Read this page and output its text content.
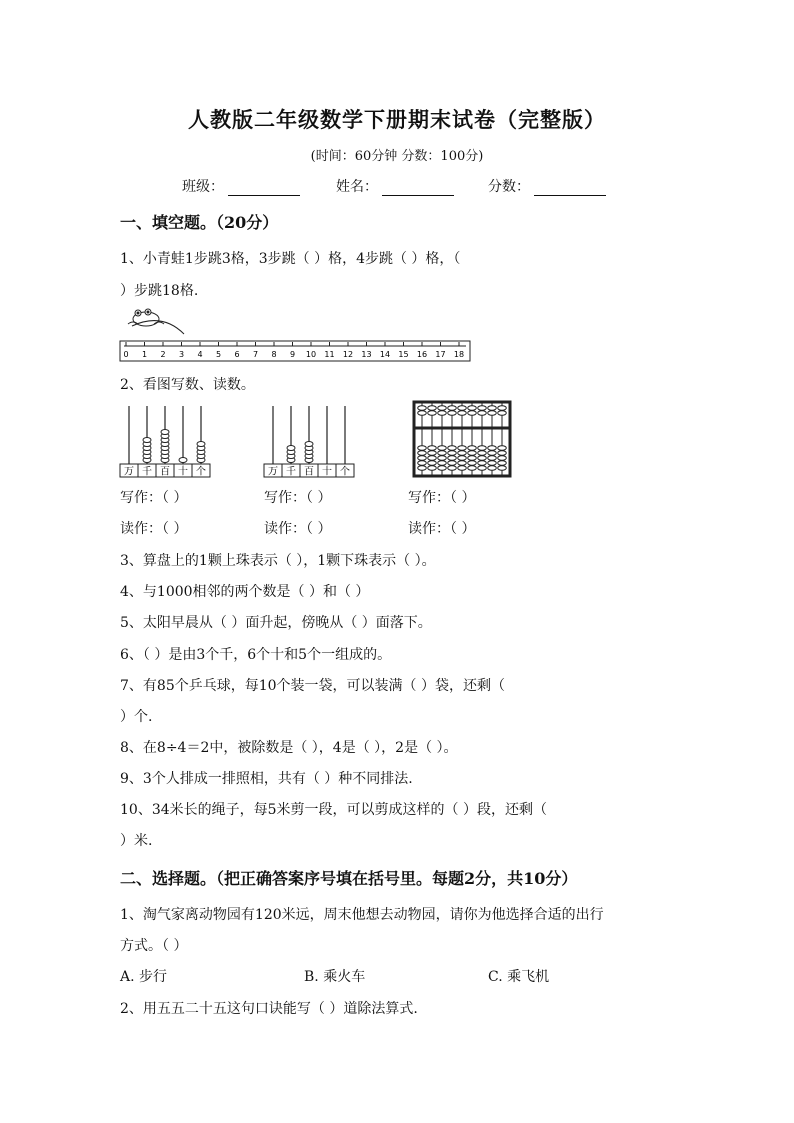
人教版二年级数学下册期末试卷（完整版）
(时间：60分钟 分数：100分)
班级：	姓名：	分数：
一、填空题。（20分）
1、小青蛙1步跳3格，3步跳（ ）格，4步跳（ ）格，（
）步跳18格.
0 1 2 3 4 5 6 7 8 9 10 11 12 13 14 15 16 17 18
2、看图写数、读数。
万 千 百 十 个	万 千 百 十 个
写作：（ ）	写作：（ ）	写作：（ ）
读作：（ ）	读作：（ ）	读作：（ ）
3、算盘上的1颗上珠表示（ ），1颗下珠表示（ ）。
4、与1000相邻的两个数是（ ）和（ ）
5、太阳早晨从（ ）面升起，傍晚从（ ）面落下。
6、（ ）是由3个千，6个十和5个一组成的。
7、有85个乒乓球，每10个装一袋，可以装满（ ）袋，还剩（
）个.
8、在8÷4＝2中，被除数是（ ），4是（ ），2是（ ）。
9、3个人排成一排照相，共有（ ）种不同排法.
10、34米长的绳子，每5米剪一段，可以剪成这样的（ ）段，还剩（
）米.
二、选择题。（把正确答案序号填在括号里。每题2分，共10分）
1、淘气家离动物园有120米远，周末他想去动物园，请你为他选择合适的出行
方式。（ ）
A. 步行	B. 乘火车	C. 乘飞机
2、用五五二十五这句口诀能写（ ）道除法算式.
